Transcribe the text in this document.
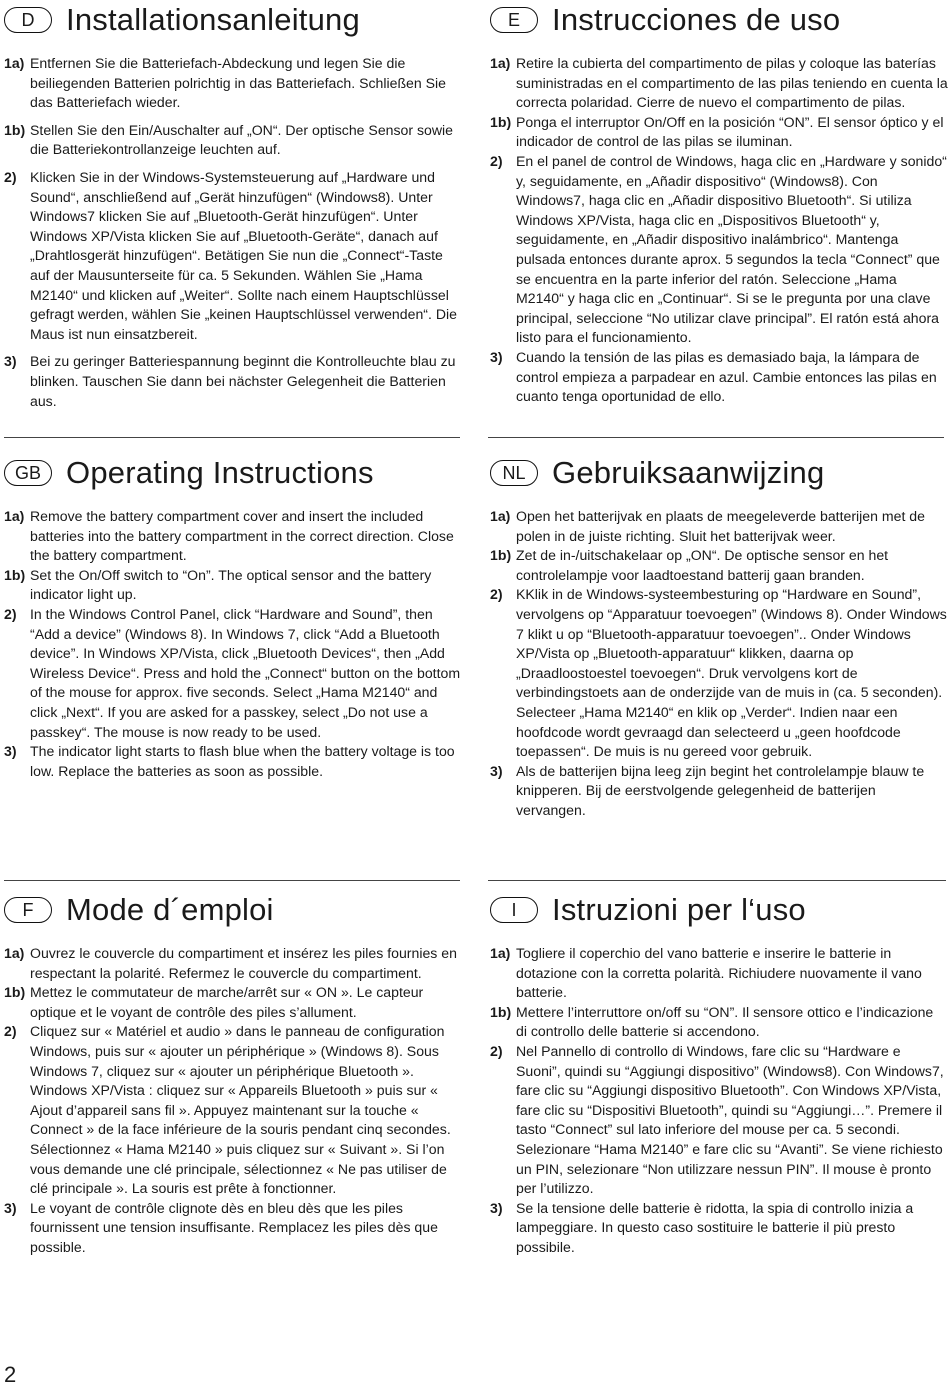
D	Installationsanleitung
1a) Entfernen Sie die Batteriefach-Abdeckung und legen Sie die beiliegenden Batterien polrichtig in das Batteriefach. Schließen Sie das Batteriefach wieder.
1b) Stellen Sie den Ein/Auschalter auf „ON“. Der optische Sensor sowie die Batteriekontrollanzeige leuchten auf.
2) Klicken Sie in der Windows-Systemsteuerung auf „Hardware und Sound“, anschließend auf „Gerät hinzufügen“ (Windows8). Unter Windows7 klicken Sie auf „Bluetooth-Gerät hinzufügen“. Unter Windows XP/Vista klicken Sie auf „Bluetooth-Geräte“, danach auf „Drahtlosgerät hinzufügen“. Betätigen Sie nun die „Connect“-Taste auf der Mausunterseite für ca. 5 Sekunden. Wählen Sie „Hama M2140“ und klicken auf „Weiter“. Sollte nach einem Hauptschlüssel gefragt werden, wählen Sie „keinen Hauptschlüssel verwenden“. Die Maus ist nun einsatzbereit.
3) Bei zu geringer Batteriespannung beginnt die Kontrolleuchte blau zu blinken. Tauschen Sie dann bei nächster Gelegenheit die Batterien aus.
E	Instrucciones de uso
1a) Retire la cubierta del compartimento de pilas y coloque las baterías suministradas en el compartimento de las pilas teniendo en cuenta la correcta polaridad. Cierre de nuevo el compartimento de pilas.
1b) Ponga el interruptor On/Off en la posición “ON”. El sensor óptico y el indicador de control de las pilas se iluminan.
2) En el panel de control de Windows, haga clic en „Hardware y sonido“ y, seguidamente, en „Añadir dispositivo“ (Windows8). Con Windows7, haga clic en „Añadir dispositivo Bluetooth“. Si utiliza Windows XP/Vista, haga clic en „Dispositivos Bluetooth“ y, seguidamente, en „Añadir dispositivo inalámbrico“. Mantenga pulsada entonces durante aprox. 5 segundos la tecla “Connect” que se encuentra en la parte inferior del ratón. Seleccione „Hama M2140“ y haga clic en „Continuar“. Si se le pregunta por una clave principal, seleccione “No utilizar clave principal”. El ratón está ahora listo para el funcionamiento.
3) Cuando la tensión de las pilas es demasiado baja, la lámpara de control empieza a parpadear en azul. Cambie entonces las pilas en cuanto tenga oportunidad de ello.
GB Operating Instructions
1a) Remove the battery compartment cover and insert the included batteries into the battery compartment in the correct direction. Close the battery compartment.
1b) Set the On/Off switch to “On”. The optical sensor and the battery indicator light up.
2) In the Windows Control Panel, click “Hardware and Sound”, then “Add a device” (Windows 8). In Windows 7, click “Add a Bluetooth device”. In Windows XP/Vista, click „Bluetooth Devices“, then „Add Wireless Device“. Press and hold the „Connect“ button on the bottom of the mouse for approx. five seconds. Select „Hama M2140“ and click „Next“. If you are asked for a passkey, select „Do not use a passkey“. The mouse is now ready to be used.
3) The indicator light starts to flash blue when the battery voltage is too low. Replace the batteries as soon as possible.
NL Gebruiksaanwijzing
1a) Open het batterijvak en plaats de meegeleverde batterijen met de polen in de juiste richting. Sluit het batterijvak weer.
1b) Zet de in-/uitschakelaar op „ON“. De optische sensor en het controlelampje voor laadtoestand batterij gaan branden.
2) KKlik in de Windows-systeembesturing op “Hardware en Sound”, vervolgens op “Apparatuur toevoegen” (Windows 8). Onder Windows 7 klikt u op “Bluetooth-apparatuur toevoegen”.. Onder Windows XP/Vista op „Bluetooth-apparatuur“ klikken, daarna op „Draadloostoestel toevoegen“. Druk vervolgens kort de verbindingstoets aan de onderzijde van de muis in (ca. 5 seconden). Selecteer „Hama M2140“ en klik op „Verder“. Indien naar een hoofdcode wordt gevraagd dan selecteerd u „geen hoofdcode toepassen“. De muis is nu gereed voor gebruik.
3) Als de batterijen bijna leeg zijn begint het controlelampje blauw te knipperen. Bij de eerstvolgende gelegenheid de batterijen vervangen.
F	Mode d´emploi
1a) Ouvrez le couvercle du compartiment et insérez les piles fournies en respectant la polarité. Refermez le couvercle du compartiment.
1b) Mettez le commutateur de marche/arrêt sur « ON ». Le capteur optique et le voyant de contrôle des piles s’allument.
2) Cliquez sur « Matériel et audio » dans le panneau de configuration Windows, puis sur « ajouter un périphérique » (Windows 8). Sous Windows 7, cliquez sur « ajouter un périphérique Bluetooth ». Windows XP/Vista : cliquez sur « Appareils Bluetooth » puis sur « Ajout d’appareil sans fil ». Appuyez maintenant sur la touche « Connect » de la face inférieure de la souris pendant cinq secondes. Sélectionnez « Hama M2140 » puis cliquez sur « Suivant ». Si l’on vous demande une clé principale, sélectionnez « Ne pas utiliser de clé principale ». La souris est prête à fonctionner.
3) Le voyant de contrôle clignote dès en bleu dès que les piles fournissent une tension insuffisante. Remplacez les piles dès que possible.
I	Istruzioni per l‘uso
1a) Togliere il coperchio del vano batterie e inserire le batterie in dotazione con la corretta polarità. Richiudere nuovamente il vano batterie.
1b) Mettere l’interruttore on/off su “ON”. Il sensore ottico e l’indicazione di controllo delle batterie si accendono.
2) Nel Pannello di controllo di Windows, fare clic su “Hardware e Suoni”, quindi su “Aggiungi dispositivo” (Windows8). Con Windows7, fare clic su “Aggiungi dispositivo Bluetooth”. Con Windows XP/Vista, fare clic su “Dispositivi Bluetooth”, quindi su “Aggiungi…”. Premere il tasto “Connect” sul lato inferiore del mouse per ca. 5 secondi. Selezionare “Hama M2140” e fare clic su “Avanti”. Se viene richiesto un PIN, selezionare “Non utilizzare nessun PIN”. Il mouse è pronto per l’utilizzo.
3) Se la tensione delle batterie è ridotta, la spia di controllo inizia a lampeggiare. In questo caso sostituire le batterie il più presto possibile.
2
